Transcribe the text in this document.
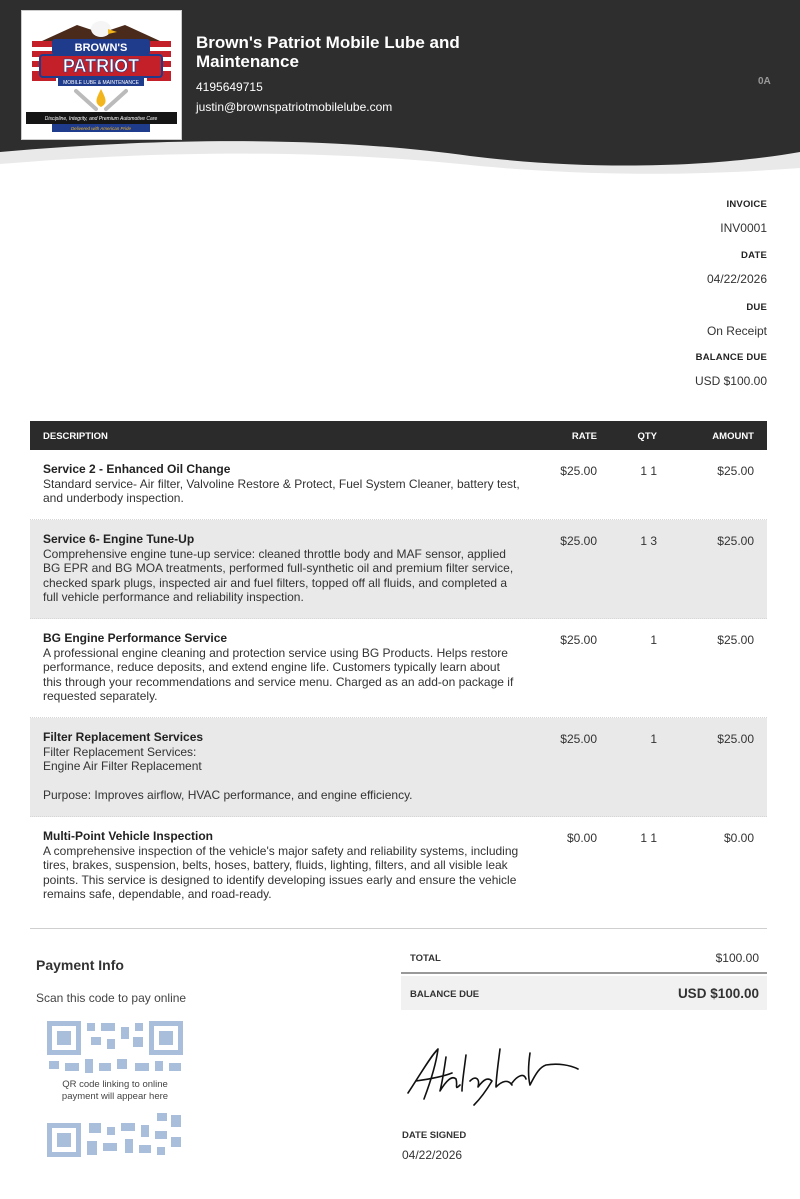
BROWN'S
PATRIOT
MOBILE LUBE & MAINTENANCE
Discipline, Integrity, and Premium Automotive Care
Delivered with American Pride
Brown's Patriot Mobile Lube and Maintenance
4195649715
justin@brownspatriotmobilelube.com
0A
INVOICE
INV0001
DATE
04/22/2026
DUE
On Receipt
BALANCE DUE
USD $100.00
DESCRIPTION	RATE	QTY	AMOUNT
Service 2 - Enhanced Oil Change
Standard service- Air filter, Valvoline Restore & Protect, Fuel System Cleaner, battery test, and underbody inspection.
$25.00	1 1	$25.00
Service 6- Engine Tune-Up
Comprehensive engine tune-up service: cleaned throttle body and MAF sensor, applied BG EPR and BG MOA treatments, performed full-synthetic oil and premium filter service, checked spark plugs, inspected air and fuel filters, topped off all fluids, and completed a full vehicle performance and reliability inspection.
$25.00	1 3	$25.00
BG Engine Performance Service
A professional engine cleaning and protection service using BG Products. Helps restore performance, reduce deposits, and extend engine life. Customers typically learn about this through your recommendations and service menu. Charged as an add-on package if requested separately.
$25.00	1	$25.00
Filter Replacement Services
Filter Replacement Services:
Engine Air Filter Replacement

Purpose: Improves airflow, HVAC performance, and engine efficiency.
$25.00	1	$25.00
Multi-Point Vehicle Inspection
A comprehensive inspection of the vehicle's major safety and reliability systems, including tires, brakes, suspension, belts, hoses, battery, fluids, lighting, filters, and all visible leak points. This service is designed to identify developing issues early and ensure the vehicle remains safe, dependable, and road-ready.
$0.00	1 1	$0.00
Payment Info
Scan this code to pay online
QR code linking to online payment will appear here
TOTAL	$100.00
BALANCE DUE	USD $100.00
DATE SIGNED
04/22/2026
